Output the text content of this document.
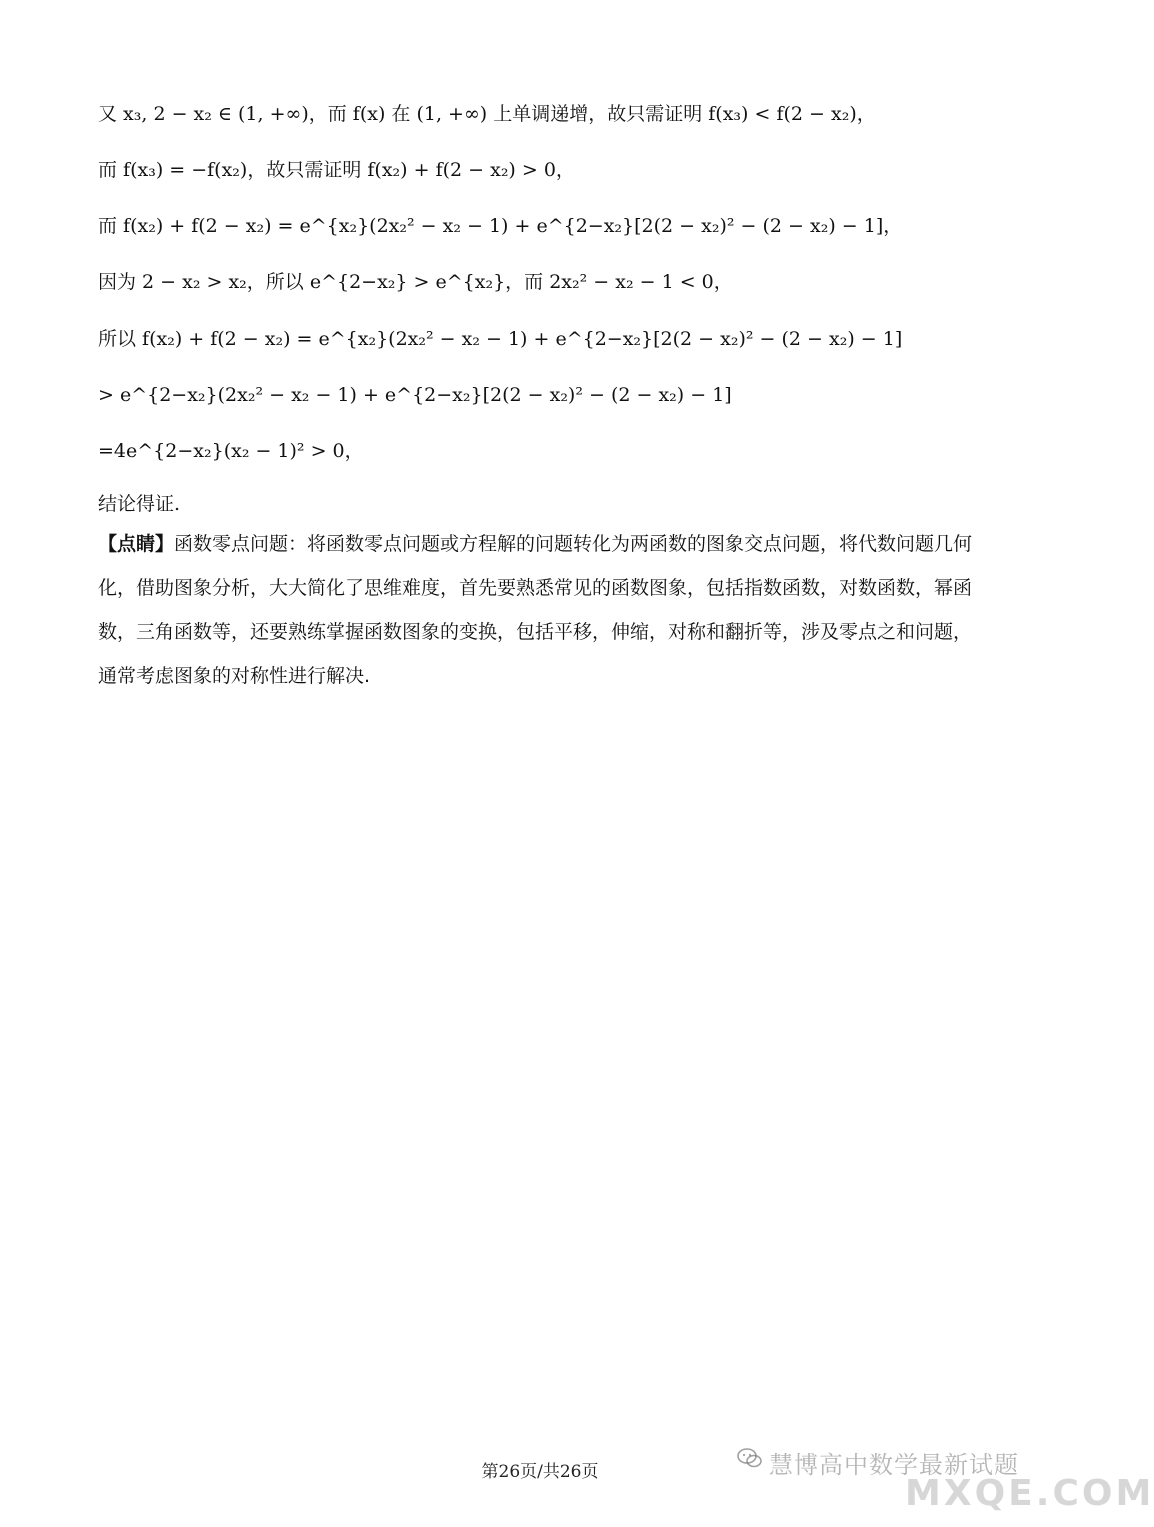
又 x₃, 2 − x₂ ∈ (1, +∞)，而 f(x) 在 (1, +∞) 上单调递增，故只需证明 f(x₃) < f(2 − x₂)，
而 f(x₃) = −f(x₂)，故只需证明 f(x₂) + f(2 − x₂) > 0，
而 f(x₂) + f(2 − x₂) = e^{x₂}(2x₂² − x₂ − 1) + e^{2−x₂}[2(2 − x₂)² − (2 − x₂) − 1]，
因为 2 − x₂ > x₂，所以 e^{2−x₂} > e^{x₂}，而 2x₂² − x₂ − 1 < 0，
所以 f(x₂) + f(2 − x₂) = e^{x₂}(2x₂² − x₂ − 1) + e^{2−x₂}[2(2 − x₂)² − (2 − x₂) − 1]
> e^{2−x₂}(2x₂² − x₂ − 1) + e^{2−x₂}[2(2 − x₂)² − (2 − x₂) − 1]
=4e^{2−x₂}(x₂ − 1)² > 0，
结论得证.
【点睛】函数零点问题：将函数零点问题或方程解的问题转化为两函数的图象交点问题，将代数问题几何化，借助图象分析，大大简化了思维难度，首先要熟悉常见的函数图象，包括指数函数，对数函数，幂函数，三角函数等，还要熟练掌握函数图象的变换，包括平移，伸缩，对称和翻折等，涉及零点之和问题，通常考虑图象的对称性进行解决.
第26页/共26页	慧博高中数学最新试题
MXQE.COM
